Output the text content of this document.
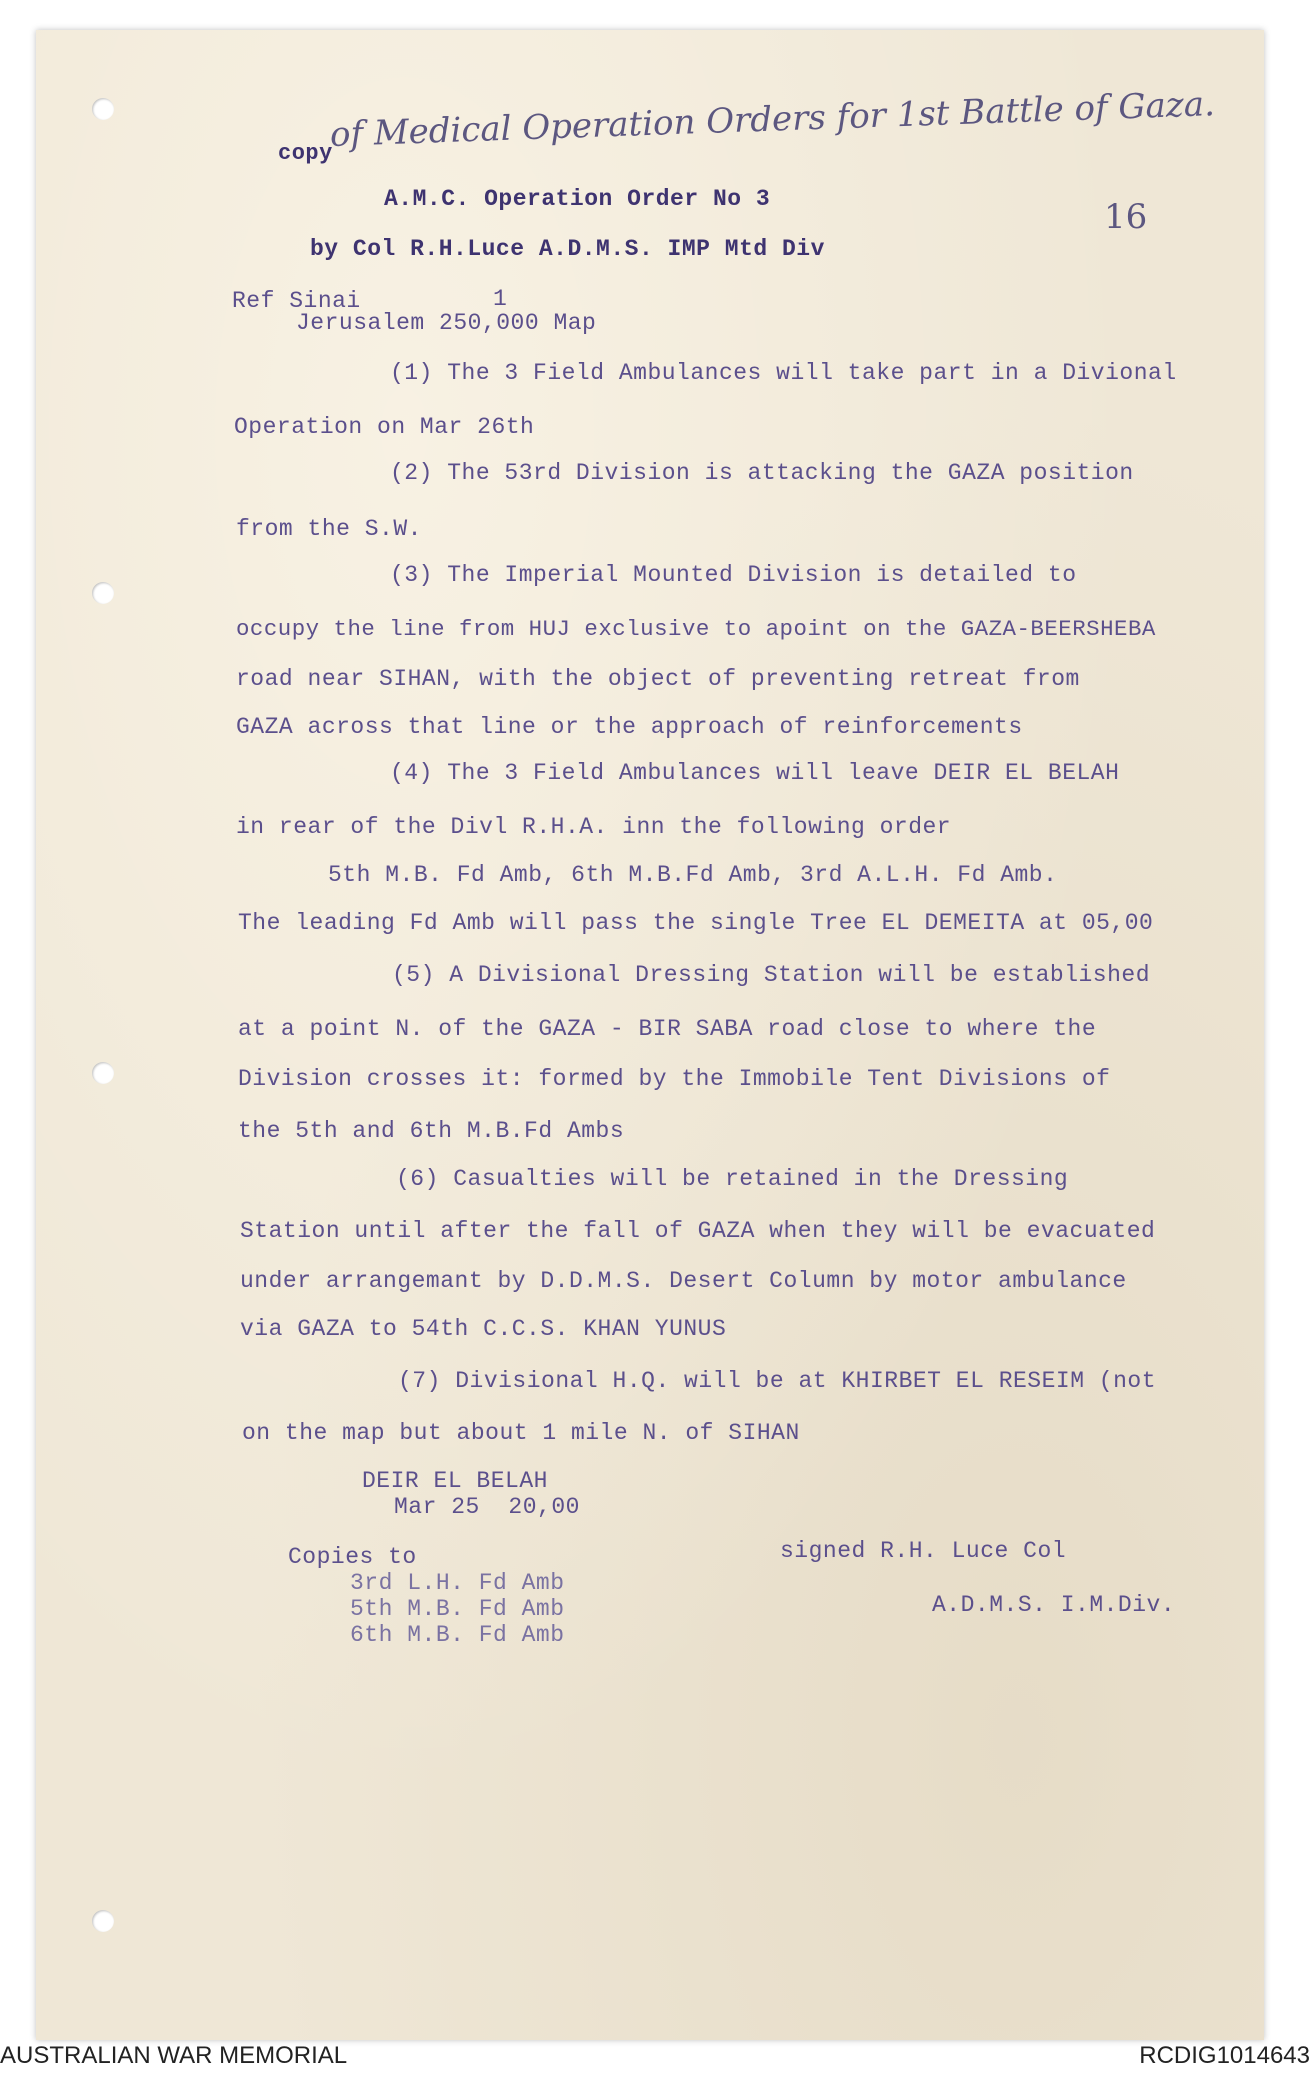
copy
of Medical Operation Orders for 1st Battle of Gaza.
16
A.M.C. Operation Order No 3
by Col R.H.Luce A.D.M.S. IMP Mtd Div
Ref Sinai	1
Jerusalem 250,000 Map
(1) The 3 Field Ambulances will take part in a Divional
Operation on Mar 26th
(2) The 53rd Division is attacking the GAZA position
from the S.W.
(3) The Imperial Mounted Division is detailed to
occupy the line from HUJ exclusive to apoint on the GAZA-BEERSHEBA
road near SIHAN, with the object of preventing retreat from
GAZA across that line or the approach of reinforcements
(4) The 3 Field Ambulances will leave DEIR EL BELAH
in rear of the Divl R.H.A. inn the following order
5th M.B. Fd Amb, 6th M.B.Fd Amb, 3rd A.L.H. Fd Amb.
The leading Fd Amb will pass the single Tree EL DEMEITA at 05,00
(5) A Divisional Dressing Station will be established
at a point N. of the GAZA - BIR SABA road close to where the
Division crosses it: formed by the Immobile Tent Divisions of
the 5th and 6th M.B.Fd Ambs
(6) Casualties will be retained in the Dressing
Station until after the fall of GAZA when they will be evacuated
under arrangemant by D.D.M.S. Desert Column by motor ambulance
via GAZA to 54th C.C.S. KHAN YUNUS
(7) Divisional H.Q. will be at KHIRBET EL RESEIM (not
on the map but about 1 mile N. of SIHAN
DEIR EL BELAH
Mar 25  20,00
Copies to
3rd L.H. Fd Amb
5th M.B. Fd Amb
6th M.B. Fd Amb
signed R.H. Luce Col
A.D.M.S. I.M.Div.
AUSTRALIAN WAR MEMORIAL	RCDIG1014643
